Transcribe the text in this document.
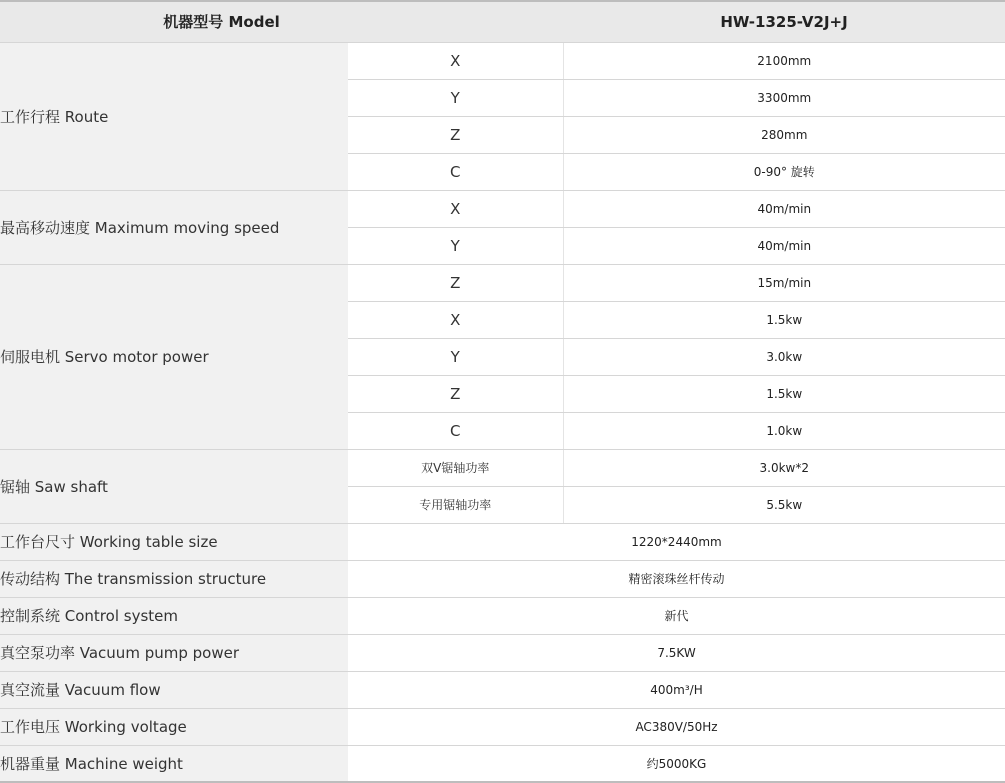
机器型号 Model		HW-1325-V2J+J
工作行程 Route	X	2100mm
	Y	3300mm
	Z	280mm
	C	0-90° 旋转
最高移动速度 Maximum moving speed	X	40m/min
	Y	40m/min
伺服电机 Servo motor power	Z	15m/min
	X	1.5kw
	Y	3.0kw
	Z	1.5kw
	C	1.0kw
锯轴 Saw shaft	双V锯轴功率	3.0kw*2
	专用锯轴功率	5.5kw
工作台尺寸 Working table size	1220*2440mm	
传动结构 The transmission structure	精密滚珠丝杆传动	
控制系统 Control system	新代	
真空泵功率 Vacuum pump power	7.5KW	
真空流量 Vacuum flow	400m³/H	
工作电压 Working voltage	AC380V/50Hz	
机器重量 Machine weight	约5000KG	
